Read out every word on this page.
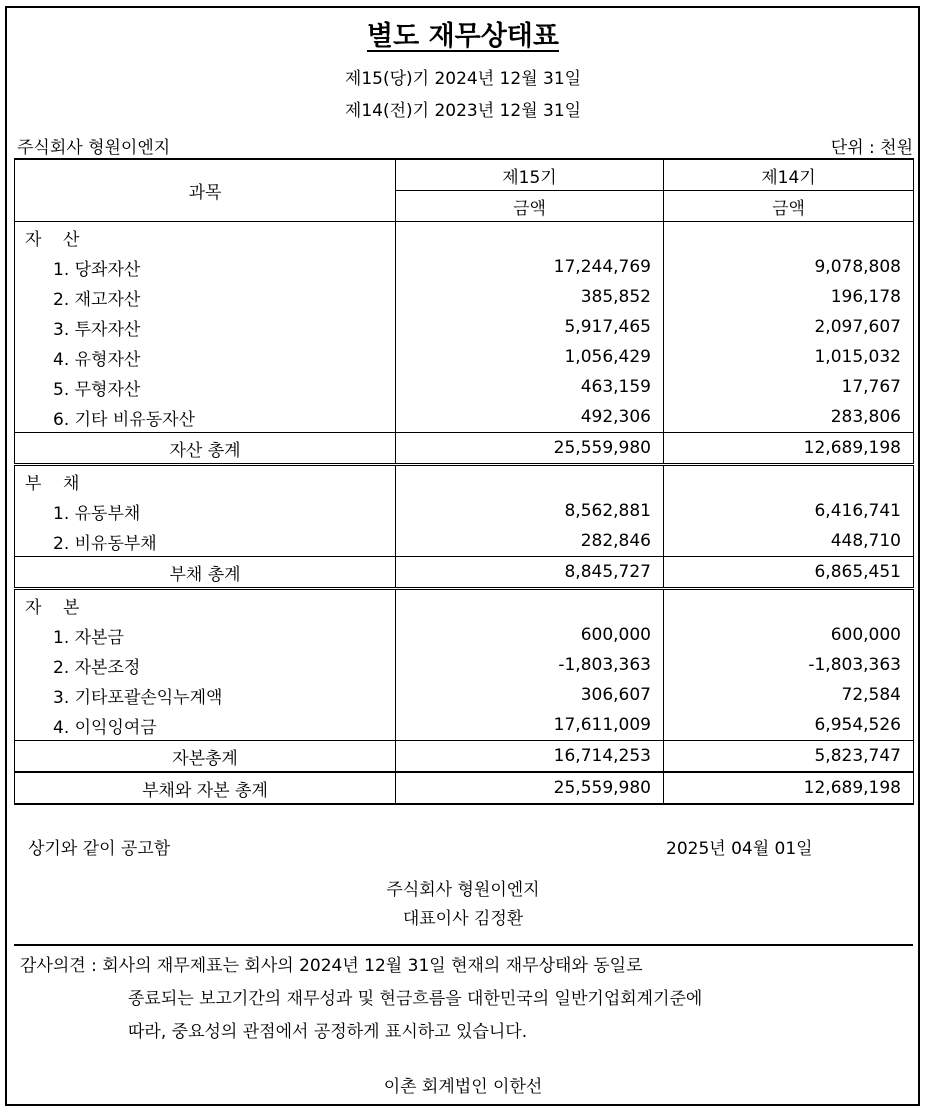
별도 재무상태표
제15(당)기 2024년 12월 31일
제14(전)기 2023년 12월 31일
주식회사 형원이엔지	단위 : 천원
과목	제15기	제14기
	금액	금액
자    산		
1. 당좌자산	17,244,769	9,078,808
2. 재고자산	385,852	196,178
3. 투자자산	5,917,465	2,097,607
4. 유형자산	1,056,429	1,015,032
5. 무형자산	463,159	17,767
6. 기타 비유동자산	492,306	283,806
자산 총계	25,559,980	12,689,198
부    채		
1. 유동부채	8,562,881	6,416,741
2. 비유동부채	282,846	448,710
부채 총계	8,845,727	6,865,451
자    본		
1. 자본금	600,000	600,000
2. 자본조정	-1,803,363	-1,803,363
3. 기타포괄손익누계액	306,607	72,584
4. 이익잉여금	17,611,009	6,954,526
자본총계	16,714,253	5,823,747
부채와 자본 총계	25,559,980	12,689,198
상기와 같이 공고함	2025년 04월 01일
주식회사 형원이엔지
대표이사 김정환
감사의견 : 회사의 재무제표는 회사의 2024년 12월 31일 현재의 재무상태와 동일로
종료되는 보고기간의 재무성과 및 현금흐름을 대한민국의 일반기업회계기준에
따라, 중요성의 관점에서 공정하게 표시하고 있습니다.
이촌 회계법인 이한선
